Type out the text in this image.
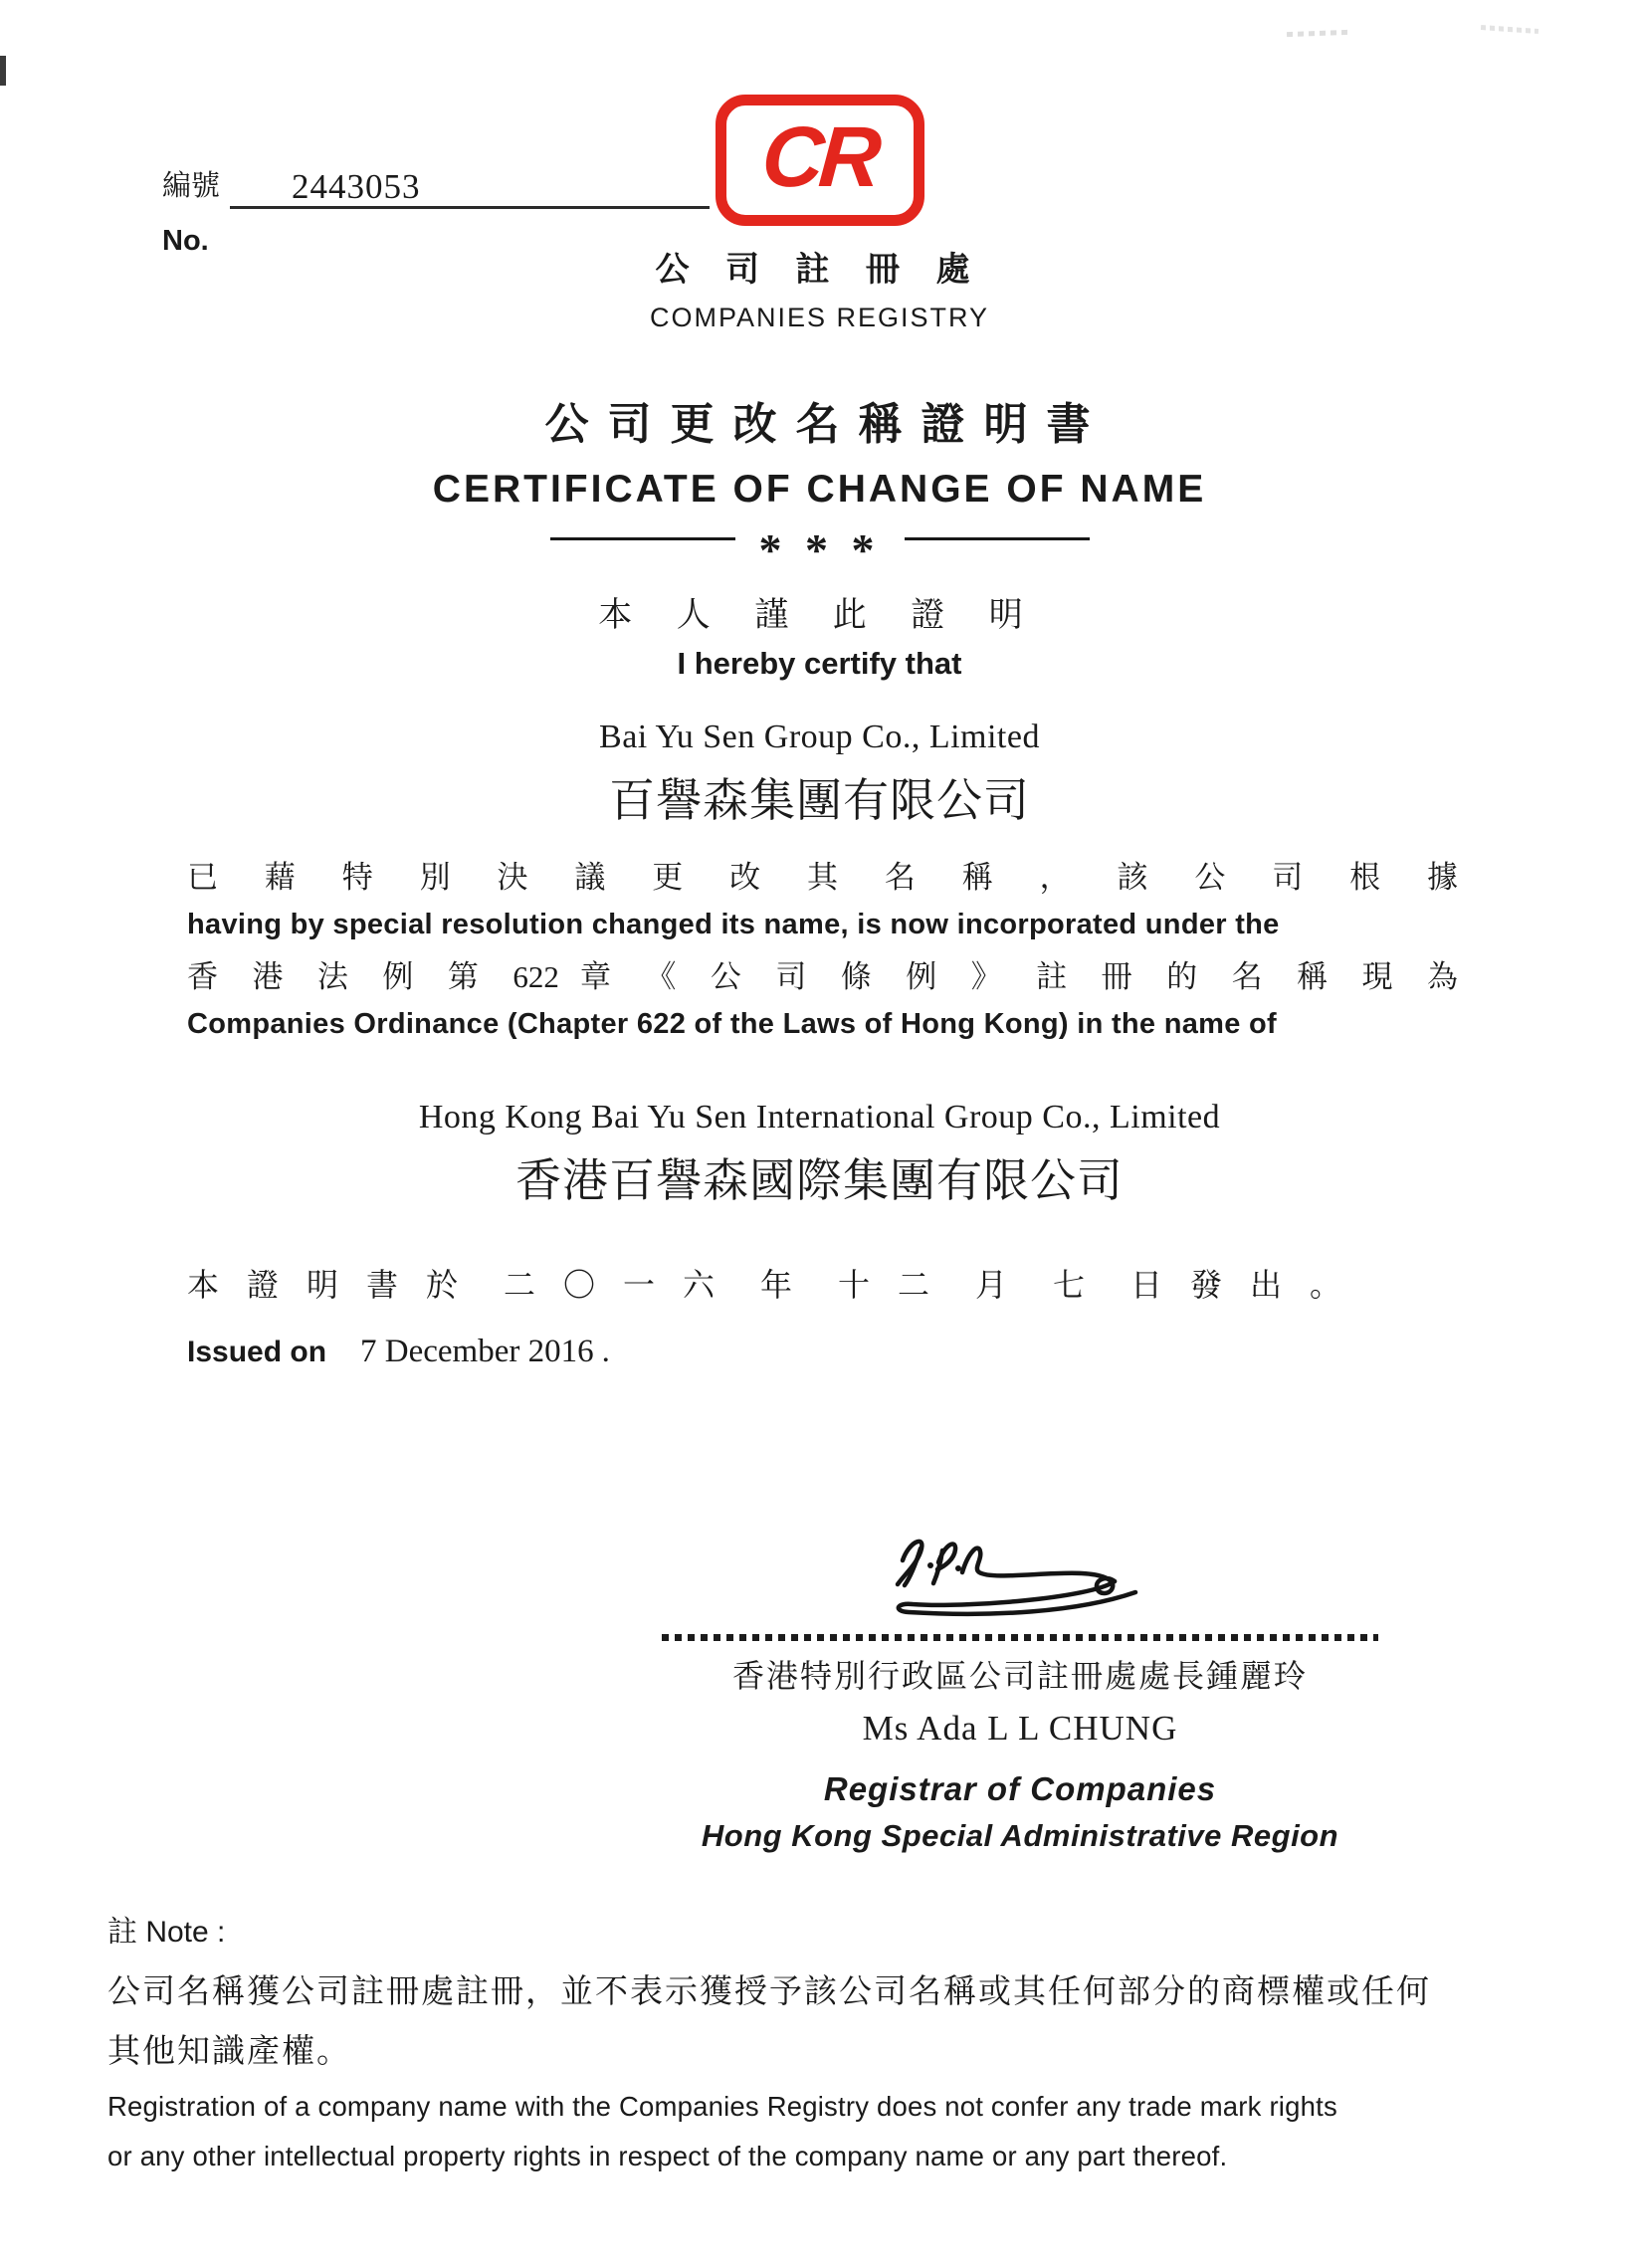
編號	2443053
No.
CR
公 司 註 冊 處
COMPANIES REGISTRY
公 司 更 改 名 稱 證 明 書
CERTIFICATE OF CHANGE OF NAME
* * *
本 人 謹 此 證 明
I hereby certify that
Bai Yu Sen Group Co., Limited
百譽森集團有限公司
已 藉 特 別 決 議 更 改 其 名 稱 ， 該 公 司 根 據
having by special resolution changed its name, is now incorporated under the
香 港 法 例 第 622 章 《 公 司 條 例 》 註 冊 的 名 稱 現 為
Companies Ordinance (Chapter 622 of the Laws of Hong Kong) in the name of
Hong Kong Bai Yu Sen International Group Co., Limited
香港百譽森國際集團有限公司
本 證 明 書 於  二 〇 一 六  年  十 二  月  七  日 發 出 。
Issued on 7 December 2016 .
香港特別行政區公司註冊處處長鍾麗玲
Ms Ada L L CHUNG
Registrar of Companies
Hong Kong Special Administrative Region
註 Note :
公司名稱獲公司註冊處註冊，並不表示獲授予該公司名稱或其任何部分的商標權或任何
其他知識產權。
Registration of a company name with the Companies Registry does not confer any trade mark rights
or any other intellectual property rights in respect of the company name or any part thereof.
